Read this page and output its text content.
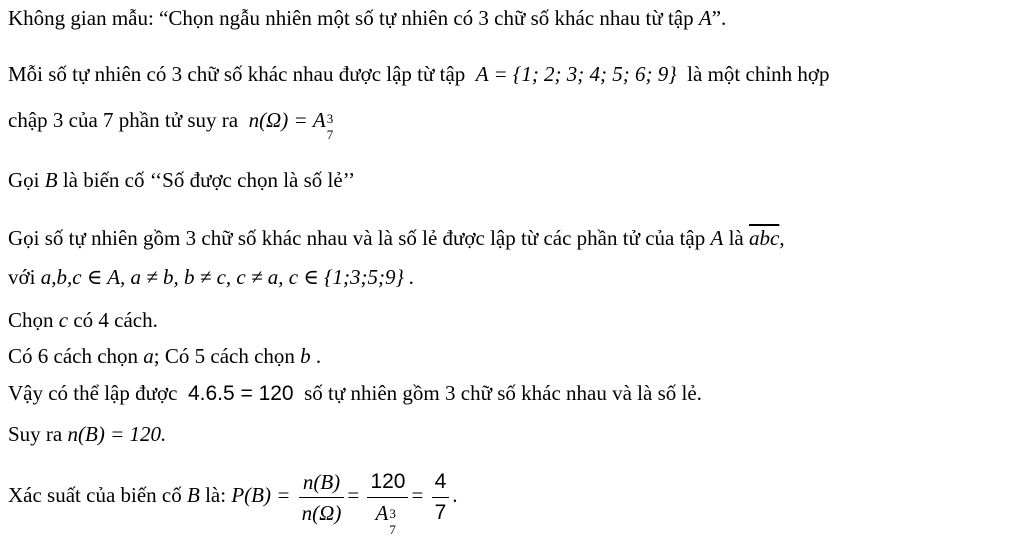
Không gian mẫu: “Chọn ngẫu nhiên một số tự nhiên có 3 chữ số khác nhau từ tập A”.
Mỗi số tự nhiên có 3 chữ số khác nhau được lập từ tập A = {1; 2; 3; 4; 5; 6; 9} là một chỉnh hợp
chập 3 của 7 phần tử suy ra n(Ω) = A 3
7
Gọi B là biến cố ‘‘Số được chọn là số lẻ’’
Gọi số tự nhiên gồm 3 chữ số khác nhau và là số lẻ được lập từ các phần tử của tập A là $\overline{abc}$,
với a,b,c ∈ A, a ≠ b, b ≠ c, c ≠ a, c ∈ {1;3;5;9} .
Chọn c có 4 cách.
Có 6 cách chọn a; Có 5 cách chọn b .
Vậy có thể lập được 4.6.5 = 120 số tự nhiên gồm 3 chữ số khác nhau và là số lẻ.
Suy ra n(B) = 120.
Xác suất của biến cố B là: $P(B) = \frac{n(B)}{n(\Omega)} = 120$
A 3
$7 = \frac{4}{7}$ .
